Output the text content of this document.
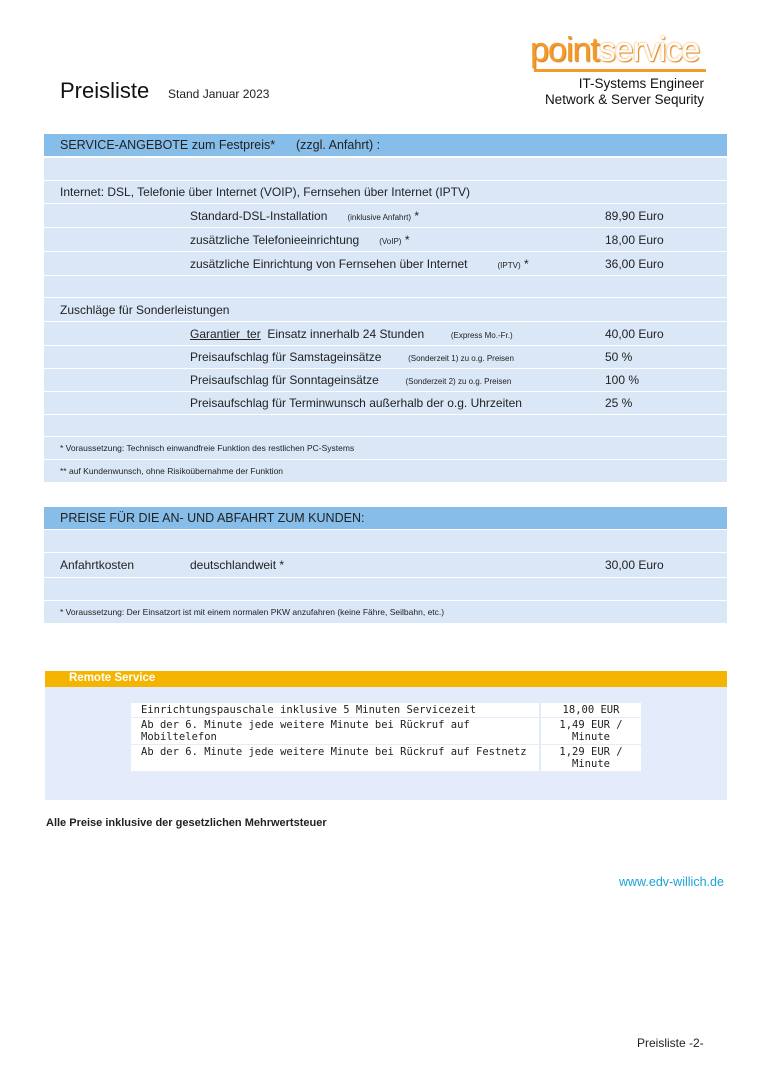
Preisliste Stand Januar 2023
pointservice
IT-Systems Engineer
Network & Server Sequrity
SERVICE-ANGEBOTE zum Festpreis* (zzgl. Anfahrt) :
Internet: DSL, Telefonie über Internet (VOIP), Fernsehen über Internet (IPTV)
Standard-DSL-Installation	(inklusive Anfahrt) *	89,90 Euro
zusätzliche Telefonieeinrichtung	(VoIP) *	18,00 Euro
zusätzliche Einrichtung von Fernsehen über Internet	(IPTV) *	36,00 Euro
Zuschläge für Sonderleistungen
Garantier  ter Einsatz innerhalb 24 Stunden	(Express Mo.-Fr.)	40,00 Euro
Preisaufschlag für Samstageinsätze	(Sonderzeit 1) zu o.g. Preisen	50 %
Preisaufschlag für Sonntageinsätze	(Sonderzeit 2) zu o.g. Preisen	100 %
Preisaufschlag für Terminwunsch außerhalb der o.g. Uhrzeiten	25 %
* Voraussetzung: Technisch einwandfreie Funktion des restlichen PC-Systems
** auf Kundenwunsch, ohne Risikoübernahme der Funktion
PREISE FÜR DIE AN- UND ABFAHRT ZUM KUNDEN:
Anfahrtkosten	deutschlandweit *	30,00 Euro
* Voraussetzung: Der Einsatzort ist mit einem normalen PKW anzufahren (keine Fähre, Seilbahn, etc.)
Remote Service
Einrichtungspauschale inklusive 5 Minuten Servicezeit	18,00 EUR
Ab der 6. Minute jede weitere Minute bei Rückruf auf Mobiltelefon	1,49 EUR / Minute
Ab der 6. Minute jede weitere Minute bei Rückruf auf Festnetz	1,29 EUR / Minute
Alle Preise inklusive der gesetzlichen Mehrwertsteuer
www.edv-willich.de
Preisliste -2-
